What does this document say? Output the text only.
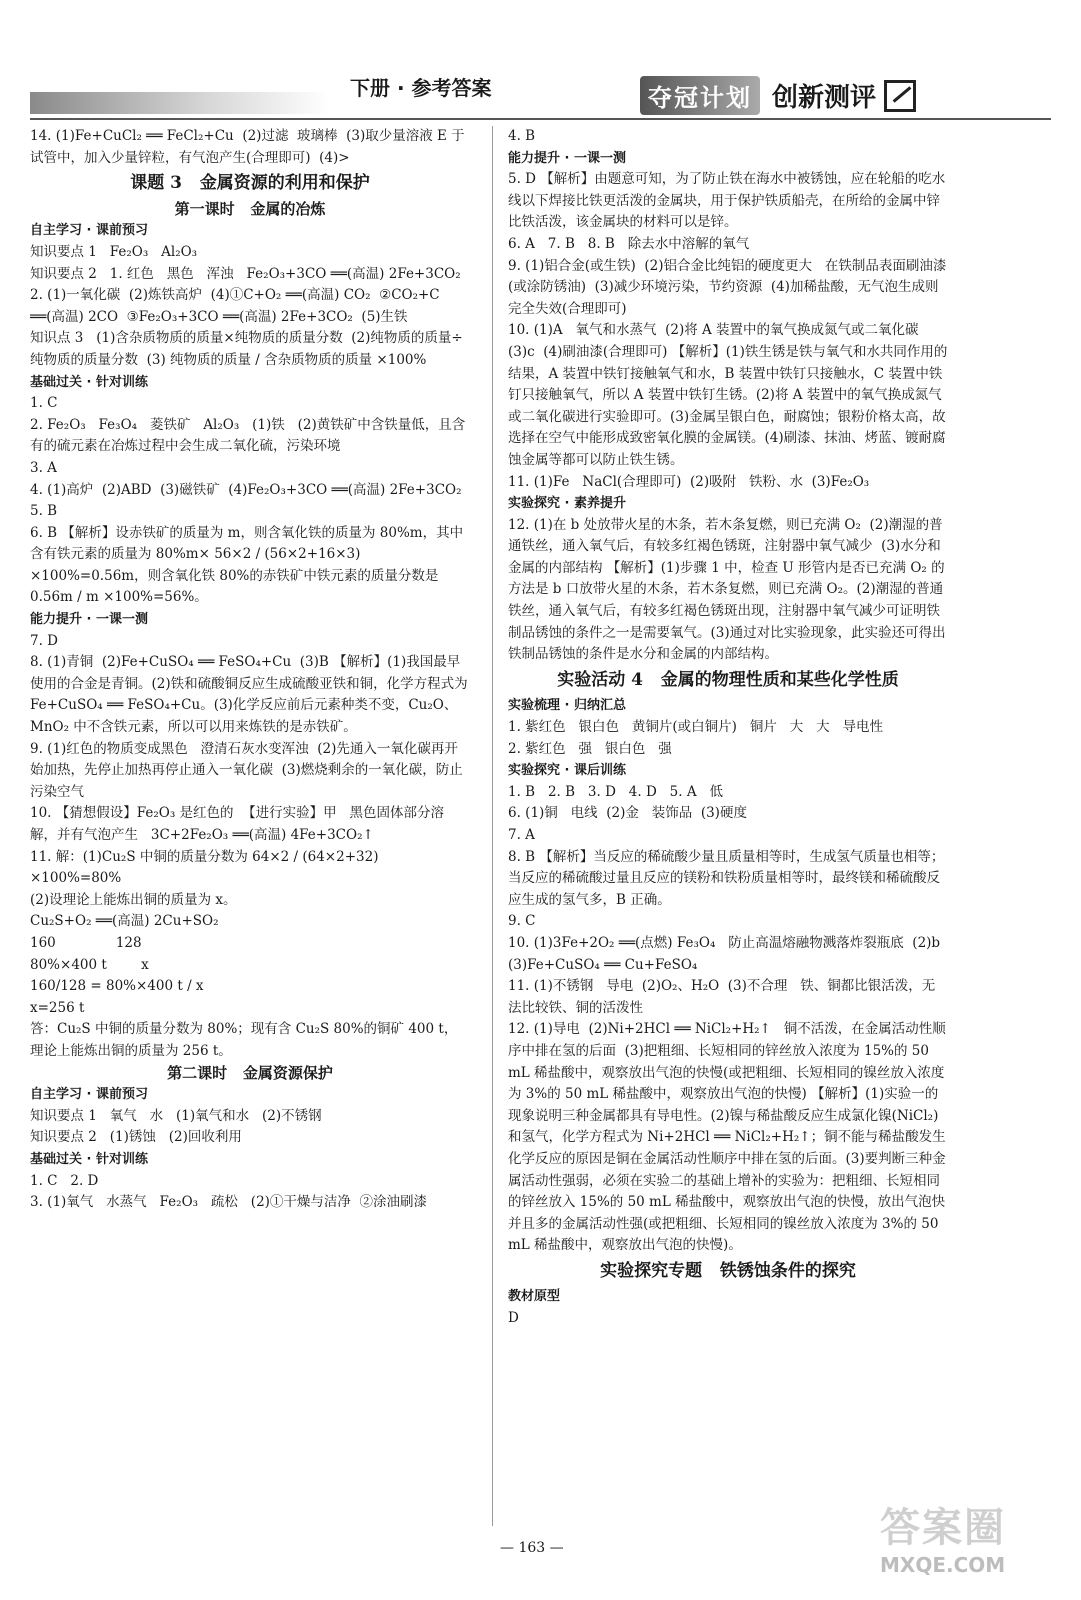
下册 · 参考答案	夺冠计划 创新测评

14. (1)Fe+CuCl₂ ══ FeCl₂+Cu  (2)过滤  玻璃棒  (3)取少量溶液 E 于试管中，加入少量锌粒，有气泡产生(合理即可)  (4)>

课题 3   金属资源的利用和保护

第一课时   金属的冶炼

自主学习 · 课前预习

知识要点 1   Fe₂O₃   Al₂O₃

知识要点 2   1. 红色   黑色   浑浊   Fe₂O₃+3CO ══(高温) 2Fe+3CO₂

2. (1)一氧化碳  (2)炼铁高炉  (4)①C+O₂ ══(高温) CO₂  ②CO₂+C ══(高温) 2CO  ③Fe₂O₃+3CO ══(高温) 2Fe+3CO₂  (5)生铁

知识点 3   (1)含杂质物质的质量×纯物质的质量分数  (2)纯物质的质量÷纯物质的质量分数  (3) 纯物质的质量 / 含杂质物质的质量 ×100%

基础过关 · 针对训练

1. C

2. Fe₂O₃   Fe₃O₄   菱铁矿   Al₂O₃   (1)铁   (2)黄铁矿中含铁量低，且含有的硫元素在冶炼过程中会生成二氧化硫，污染环境

3. A

4. (1)高炉  (2)ABD  (3)磁铁矿  (4)Fe₂O₃+3CO ══(高温) 2Fe+3CO₂

5. B

6. B 【解析】设赤铁矿的质量为 m，则含氧化铁的质量为 80%m，其中含有铁元素的质量为 80%m× 56×2 / (56×2+16×3) ×100%=0.56m，则含氧化铁 80%的赤铁矿中铁元素的质量分数是 0.56m / m ×100%=56%。

能力提升 · 一课一测

7. D

8. (1)青铜  (2)Fe+CuSO₄ ══ FeSO₄+Cu  (3)B 【解析】(1)我国最早使用的合金是青铜。(2)铁和硫酸铜反应生成硫酸亚铁和铜，化学方程式为 Fe+CuSO₄ ══ FeSO₄+Cu。(3)化学反应前后元素种类不变，Cu₂O、MnO₂ 中不含铁元素，所以可以用来炼铁的是赤铁矿。

9. (1)红色的物质变成黑色   澄清石灰水变浑浊  (2)先通入一氧化碳再开始加热，先停止加热再停止通入一氧化碳  (3)燃烧剩余的一氧化碳，防止污染空气

10. 【猜想假设】Fe₂O₃ 是红色的  【进行实验】甲   黑色固体部分溶解，并有气泡产生   3C+2Fe₂O₃ ══(高温) 4Fe+3CO₂↑

11. 解：(1)Cu₂S 中铜的质量分数为 64×2 / (64×2+32) ×100%=80%

(2)设理论上能炼出铜的质量为 x。

Cu₂S+O₂ ══(高温) 2Cu+SO₂

160              128

80%×400 t        x

160/128 = 80%×400 t / x

x=256 t

答：Cu₂S 中铜的质量分数为 80%；现有含 Cu₂S 80%的铜矿 400 t，理论上能炼出铜的质量为 256 t。

第二课时   金属资源保护

自主学习 · 课前预习

知识要点 1   氧气   水   (1)氧气和水   (2)不锈钢

知识要点 2   (1)锈蚀   (2)回收利用

基础过关 · 针对训练

1. C   2. D

3. (1)氧气   水蒸气   Fe₂O₃   疏松   (2)①干燥与洁净  ②涂油刷漆

4. B

能力提升 · 一课一测

5. D 【解析】由题意可知，为了防止铁在海水中被锈蚀，应在轮船的吃水线以下焊接比铁更活泼的金属块，用于保护铁质船壳，在所给的金属中锌比铁活泼，该金属块的材料可以是锌。

6. A   7. B   8. B   除去水中溶解的氧气

9. (1)铝合金(或生铁)  (2)铝合金比纯铝的硬度更大   在铁制品表面刷油漆(或涂防锈油)  (3)减少环境污染，节约资源  (4)加稀盐酸，无气泡生成则完全失效(合理即可)

10. (1)A   氧气和水蒸气  (2)将 A 装置中的氧气换成氮气或二氧化碳  (3)c  (4)刷油漆(合理即可) 【解析】(1)铁生锈是铁与氧气和水共同作用的结果，A 装置中铁钉接触氧气和水，B 装置中铁钉只接触水，C 装置中铁钉只接触氧气，所以 A 装置中铁钉生锈。(2)将 A 装置中的氧气换成氮气或二氧化碳进行实验即可。(3)金属呈银白色，耐腐蚀；银粉价格太高，故选择在空气中能形成致密氧化膜的金属镁。(4)刷漆、抹油、烤蓝、镀耐腐蚀金属等都可以防止铁生锈。

11. (1)Fe   NaCl(合理即可)  (2)吸附   铁粉、水  (3)Fe₂O₃

实验探究 · 素养提升

12. (1)在 b 处放带火星的木条，若木条复燃，则已充满 O₂  (2)潮湿的普通铁丝，通入氧气后，有较多红褐色锈斑，注射器中氧气减少  (3)水分和金属的内部结构 【解析】(1)步骤 1 中，检查 U 形管内是否已充满 O₂ 的方法是 b 口放带火星的木条，若木条复燃，则已充满 O₂。(2)潮湿的普通铁丝，通入氧气后，有较多红褐色锈斑出现，注射器中氧气减少可证明铁制品锈蚀的条件之一是需要氧气。(3)通过对比实验现象，此实验还可得出铁制品锈蚀的条件是水分和金属的内部结构。

实验活动 4   金属的物理性质和某些化学性质

实验梳理 · 归纳汇总

1. 紫红色   银白色   黄铜片(或白铜片)   铜片   大   大   导电性

2. 紫红色   强   银白色   强

实验探究 · 课后训练

1. B   2. B   3. D   4. D   5. A   低

6. (1)铜   电线  (2)金   装饰品  (3)硬度

7. A

8. B 【解析】当反应的稀硫酸少量且质量相等时，生成氢气质量也相等；当反应的稀硫酸过量且反应的镁粉和铁粉质量相等时，最终镁和稀硫酸反应生成的氢气多，B 正确。

9. C

10. (1)3Fe+2O₂ ══(点燃) Fe₃O₄   防止高温熔融物溅落炸裂瓶底  (2)b  (3)Fe+CuSO₄ ══ Cu+FeSO₄

11. (1)不锈钢   导电  (2)O₂、H₂O  (3)不合理   铁、铜都比银活泼，无法比较铁、铜的活泼性

12. (1)导电  (2)Ni+2HCl ══ NiCl₂+H₂↑   铜不活泼，在金属活动性顺序中排在氢的后面  (3)把粗细、长短相同的锌丝放入浓度为 15%的 50 mL 稀盐酸中，观察放出气泡的快慢(或把粗细、长短相同的镍丝放入浓度为 3%的 50 mL 稀盐酸中，观察放出气泡的快慢) 【解析】(1)实验一的现象说明三种金属都具有导电性。(2)镍与稀盐酸反应生成氯化镍(NiCl₂)和氢气，化学方程式为 Ni+2HCl ══ NiCl₂+H₂↑；铜不能与稀盐酸发生化学反应的原因是铜在金属活动性顺序中排在氢的后面。(3)要判断三种金属活动性强弱，必须在实验二的基础上增补的实验为：把粗细、长短相同的锌丝放入 15%的 50 mL 稀盐酸中，观察放出气泡的快慢，放出气泡快并且多的金属活动性强(或把粗细、长短相同的镍丝放入浓度为 3%的 50 mL 稀盐酸中，观察放出气泡的快慢)。

实验探究专题   铁锈蚀条件的探究

教材原型

D

— 163 —	答案圈
MXQE.COM
